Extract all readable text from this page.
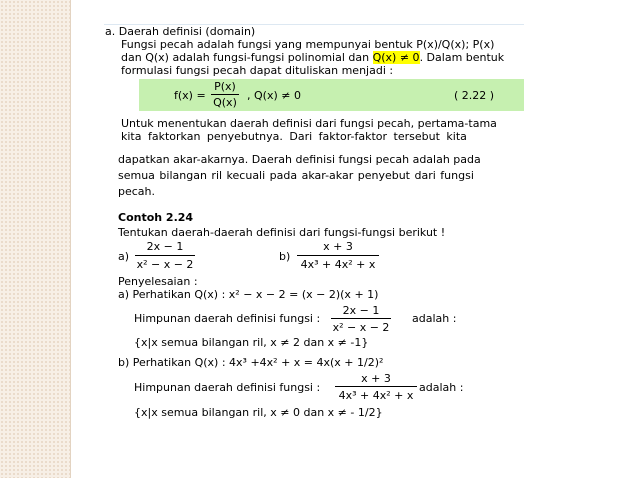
a. Daerah definisi (domain)
Fungsi pecah adalah fungsi yang mempunyai bentuk P(x)/Q(x); P(x)
dan Q(x) adalah fungsi-fungsi polinomial dan Q(x) ≠ 0. Dalam bentuk
formulasi fungsi pecah dapat dituliskan menjadi :
f(x) =
P(x)
Q(x)
, Q(x) ≠ 0	( 2.22 )
Untuk menentukan daerah definisi dari fungsi pecah, pertama-tama
kita faktorkan penyebutnya. Dari faktor-faktor tersebut kita
dapatkan akar-akarnya. Daerah definisi fungsi pecah adalah pada
semua bilangan ril kecuali pada akar-akar penyebut dari fungsi
pecah.
Contoh 2.24
Tentukan daerah-daerah definisi dari fungsi-fungsi berikut !
a)
2x − 1
x² − x − 2
b)
x + 3
4x³ + 4x² + x
Penyelesaian :
a) Perhatikan Q(x) : x² − x − 2 = (x − 2)(x + 1)
Himpunan daerah definisi fungsi :
2x − 1
x² − x − 2
adalah :
{x|x semua bilangan ril, x ≠ 2 dan x ≠ -1}
b) Perhatikan Q(x) : 4x³ +4x² + x = 4x(x + 1/2)²
Himpunan daerah definisi fungsi :
x + 3
4x³ + 4x² + x
adalah :
{x|x semua bilangan ril, x ≠ 0 dan x ≠ - 1/2}
